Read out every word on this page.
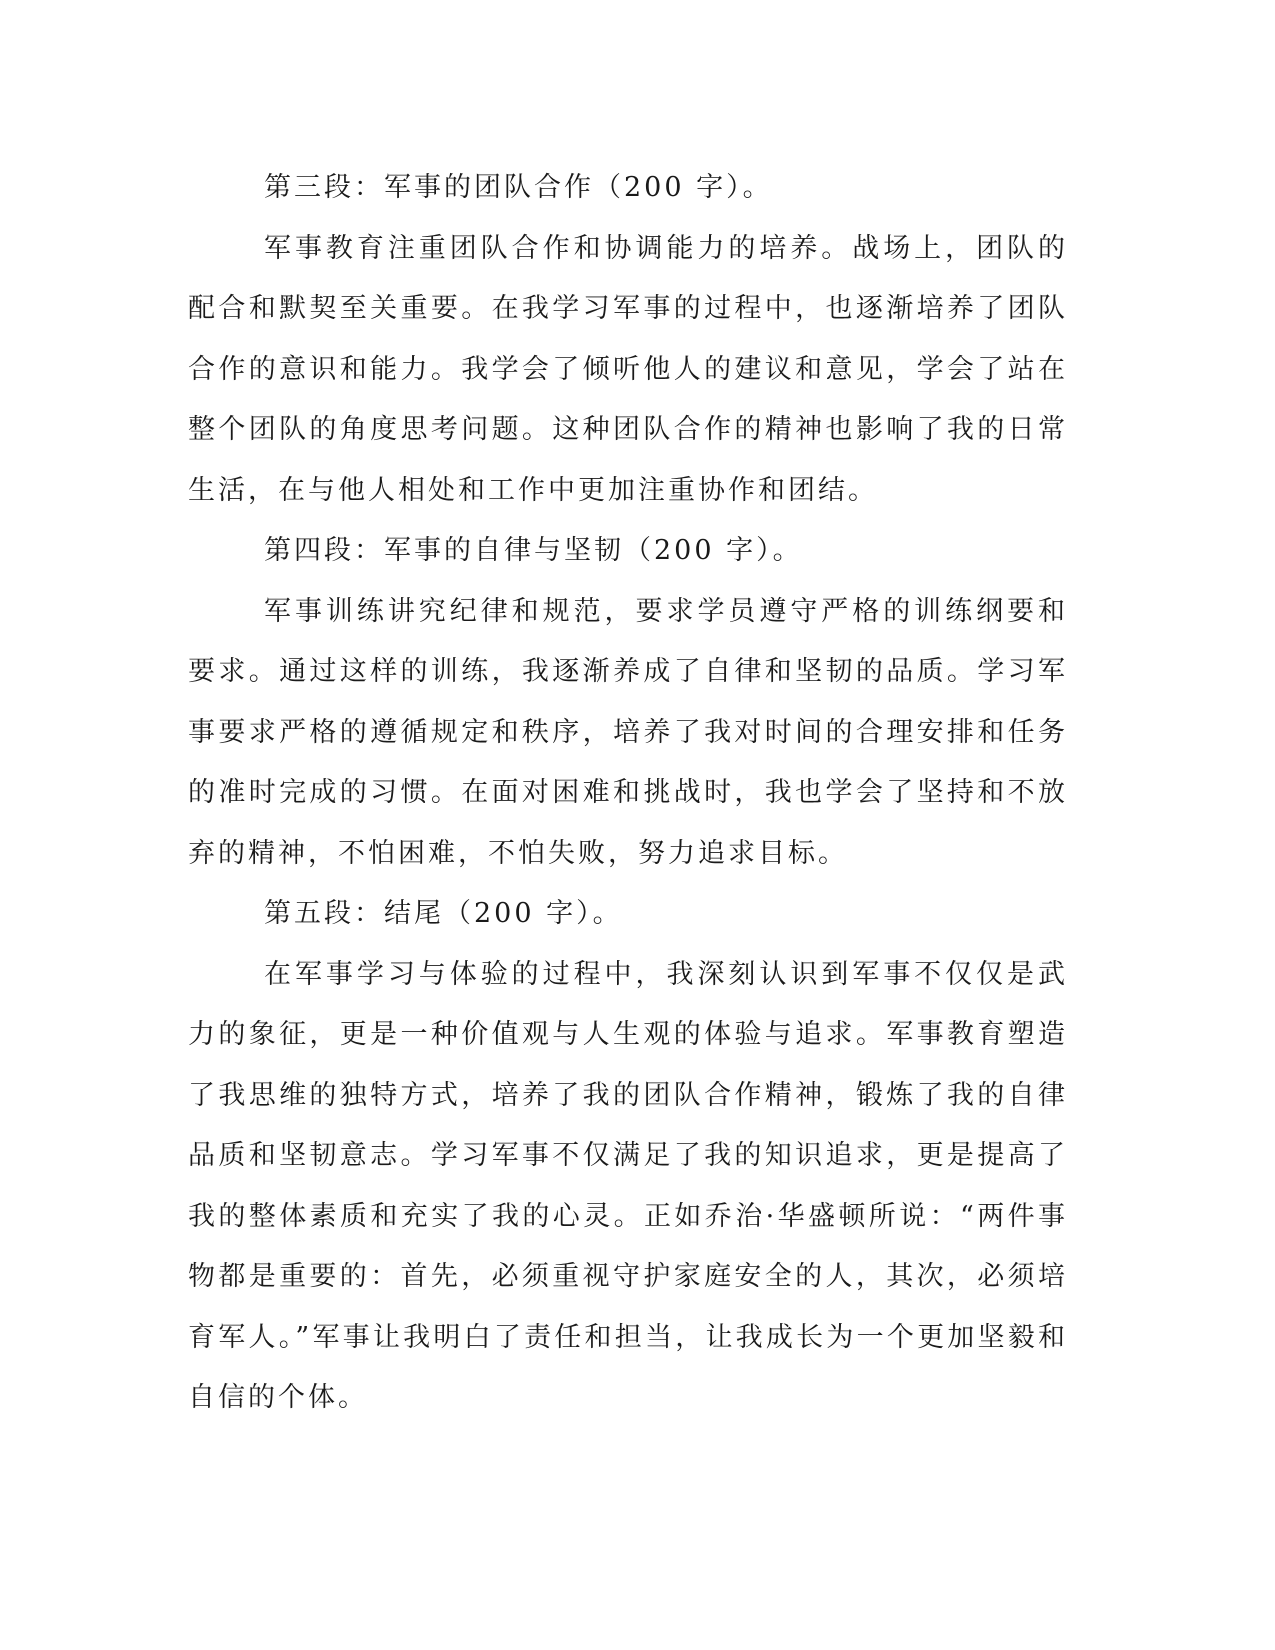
第三段：军事的团队合作（200 字）。

军事教育注重团队合作和协调能力的培养。战场上，团队的配合和默契至关重要。在我学习军事的过程中，也逐渐培养了团队合作的意识和能力。我学会了倾听他人的建议和意见，学会了站在整个团队的角度思考问题。这种团队合作的精神也影响了我的日常生活，在与他人相处和工作中更加注重协作和团结。

第四段：军事的自律与坚韧（200 字）。

军事训练讲究纪律和规范，要求学员遵守严格的训练纲要和要求。通过这样的训练，我逐渐养成了自律和坚韧的品质。学习军事要求严格的遵循规定和秩序，培养了我对时间的合理安排和任务的准时完成的习惯。在面对困难和挑战时，我也学会了坚持和不放弃的精神，不怕困难，不怕失败，努力追求目标。

第五段：结尾（200 字）。

在军事学习与体验的过程中，我深刻认识到军事不仅仅是武力的象征，更是一种价值观与人生观的体验与追求。军事教育塑造了我思维的独特方式，培养了我的团队合作精神，锻炼了我的自律品质和坚韧意志。学习军事不仅满足了我的知识追求，更是提高了我的整体素质和充实了我的心灵。正如乔治·华盛顿所说：“两件事物都是重要的：首先，必须重视守护家庭安全的人，其次，必须培育军人。”军事让我明白了责任和担当，让我成长为一个更加坚毅和自信的个体。
